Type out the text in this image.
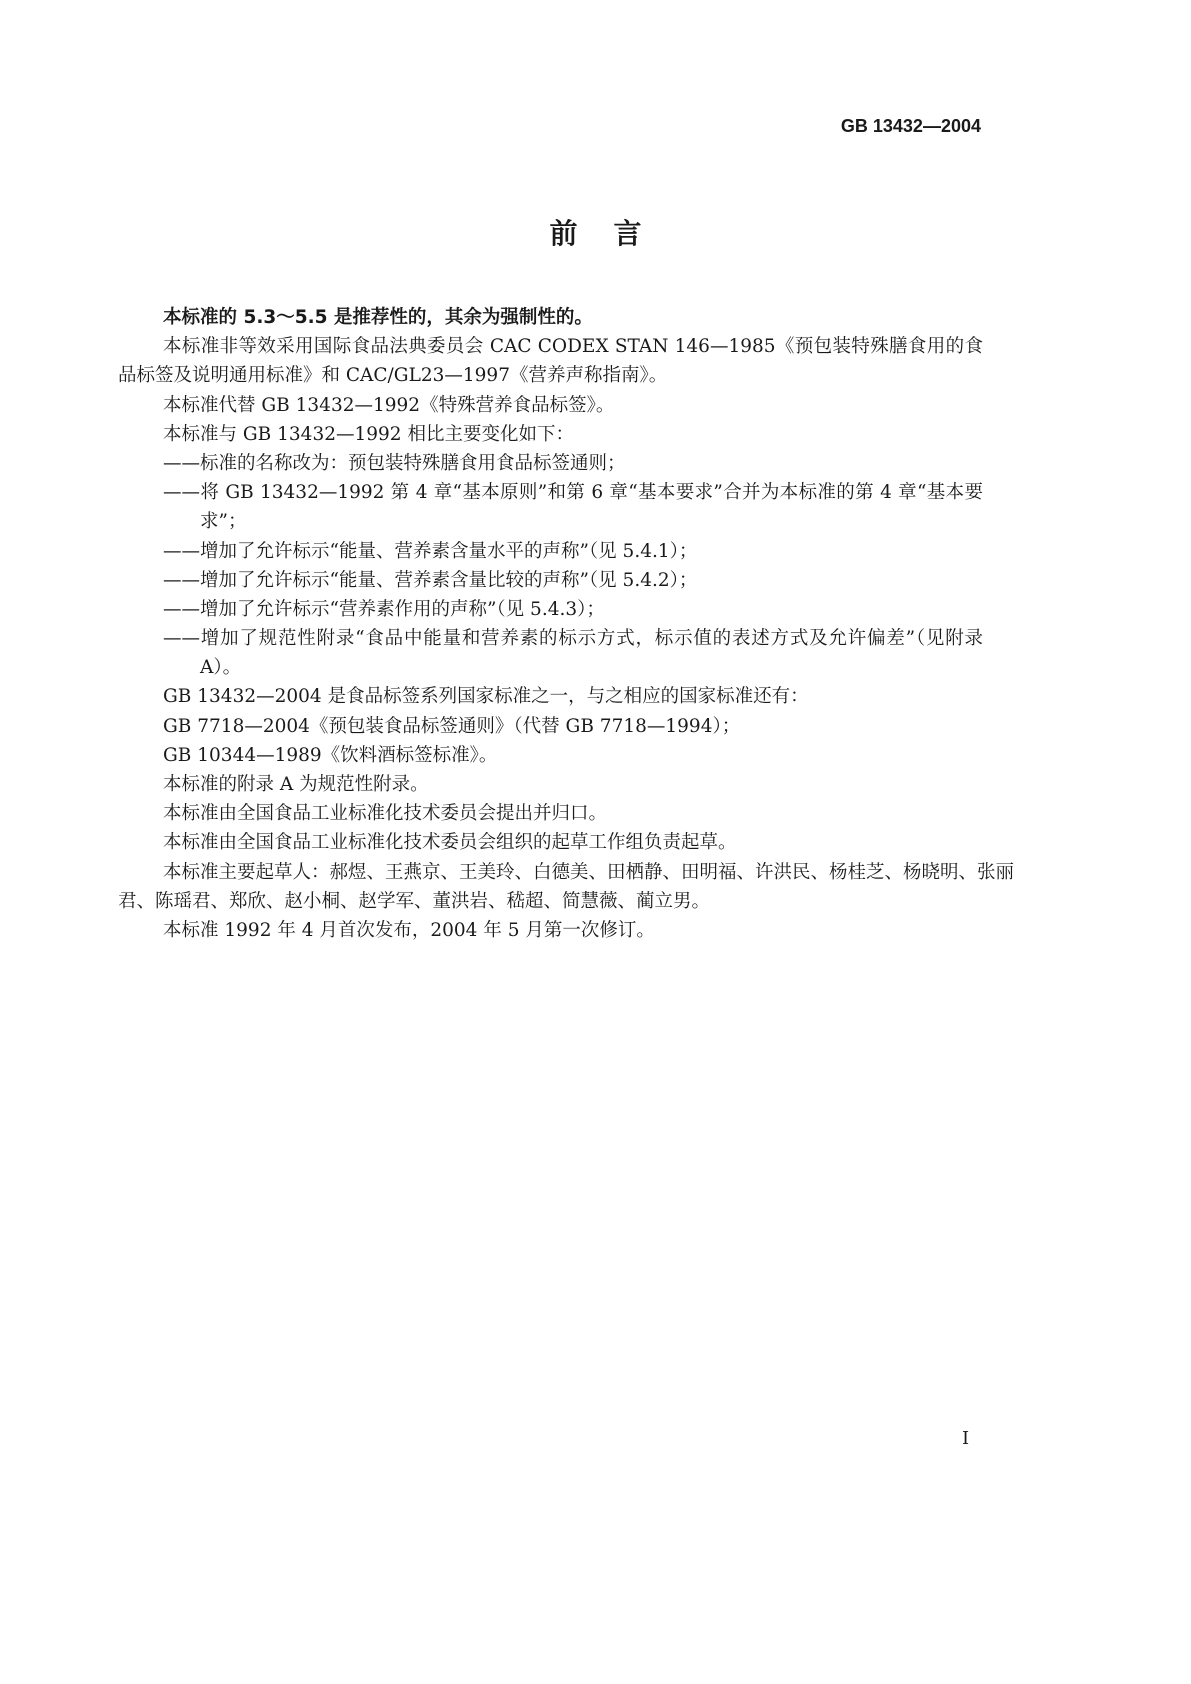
GB 13432—2004
前言
本标准的 5.3～5.5 是推荐性的，其余为强制性的。
本标准非等效采用国际食品法典委员会 CAC CODEX STAN 146—1985《预包装特殊膳食用的食
品标签及说明通用标准》和 CAC/GL23—1997《营养声称指南》。
本标准代替 GB 13432—1992《特殊营养食品标签》。
本标准与 GB 13432—1992 相比主要变化如下：
——标准的名称改为：预包装特殊膳食用食品标签通则；
——将 GB 13432—1992 第 4 章“基本原则”和第 6 章“基本要求”合并为本标准的第 4 章“基本要
求”；
——增加了允许标示“能量、营养素含量水平的声称”（见 5.4.1）；
——增加了允许标示“能量、营养素含量比较的声称”（见 5.4.2）；
——增加了允许标示“营养素作用的声称”（见 5.4.3）；
——增加了规范性附录“食品中能量和营养素的标示方式，标示值的表述方式及允许偏差”（见附录
A）。
GB 13432—2004 是食品标签系列国家标准之一，与之相应的国家标准还有：
GB 7718—2004《预包装食品标签通则》（代替 GB 7718—1994）；
GB 10344—1989《饮料酒标签标准》。
本标准的附录 A 为规范性附录。
本标准由全国食品工业标准化技术委员会提出并归口。
本标准由全国食品工业标准化技术委员会组织的起草工作组负责起草。
本标准主要起草人：郝煜、王燕京、王美玲、白德美、田栖静、田明福、许洪民、杨桂芝、杨晓明、张丽
君、陈瑶君、郑欣、赵小桐、赵学军、董洪岩、嵇超、简慧薇、蔺立男。
本标准 1992 年 4 月首次发布，2004 年 5 月第一次修订。
I
